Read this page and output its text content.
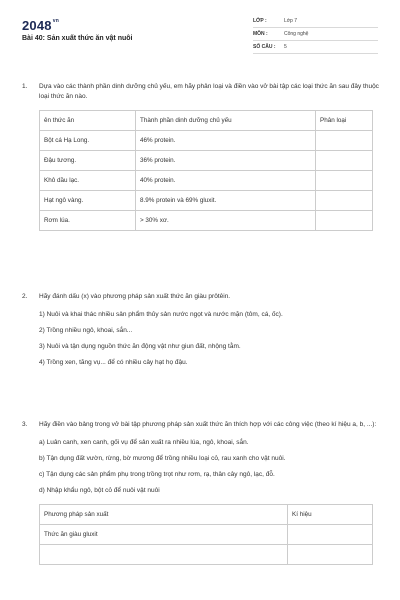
$2048^{vn}$
Bài 40: Sản xuất thức ăn vật nuôi
LỚP :	Lớp 7
MÔN :	Công nghệ
SỐ CÂU :	5
1.	Dựa vào các thành phần dinh dưỡng chủ yếu, em hãy phân loại và điền vào vở bài tập các loại thức ăn sau đây thuộc loại thức ăn nào.
ên thức ăn	Thành phần dinh dưỡng chủ yếu	Phân loại
Bột cá Hạ Long.	46% protein.	
Đậu tương.	36% protein.	
Khô dầu lạc.	40% protein.	
Hạt ngô vàng.	8.9% protein và 69% gluxit.	
Rơm lúa.	> 30% xơ.	
2.	Hãy đánh dấu (x) vào phương pháp sản xuất thức ăn giàu prôtêin.
1) Nuôi và khai thác nhiều sản phẩm thủy sản nước ngọt và nước mặn (tôm, cá, ốc).
2) Trồng nhiều ngô, khoai, sắn...
3) Nuôi và tận dụng nguồn thức ăn động vật như giun đất, nhộng tằm.
4) Trồng xen, tăng vụ... để có nhiều cây hạt họ đậu.
3.	Hãy điền vào bảng trong vở bài tập phương pháp sản xuất thức ăn thích hợp với các công việc (theo kí hiệu a, b, ...):
a) Luân canh, xen canh, gối vụ để sản xuất ra nhiều lúa, ngô, khoai, sắn.
b) Tận dụng đất vườn, rừng, bờ mương để trồng nhiều loại cỏ, rau xanh cho vật nuôi.
c) Tận dụng các sản phẩm phụ trong trồng trọt như rơm, rạ, thân cây ngô, lạc, đỗ.
d) Nhập khẩu ngô, bột cỏ để nuôi vật nuôi
Phương pháp sản xuất	Kí hiệu
Thức ăn giàu gluxit	
